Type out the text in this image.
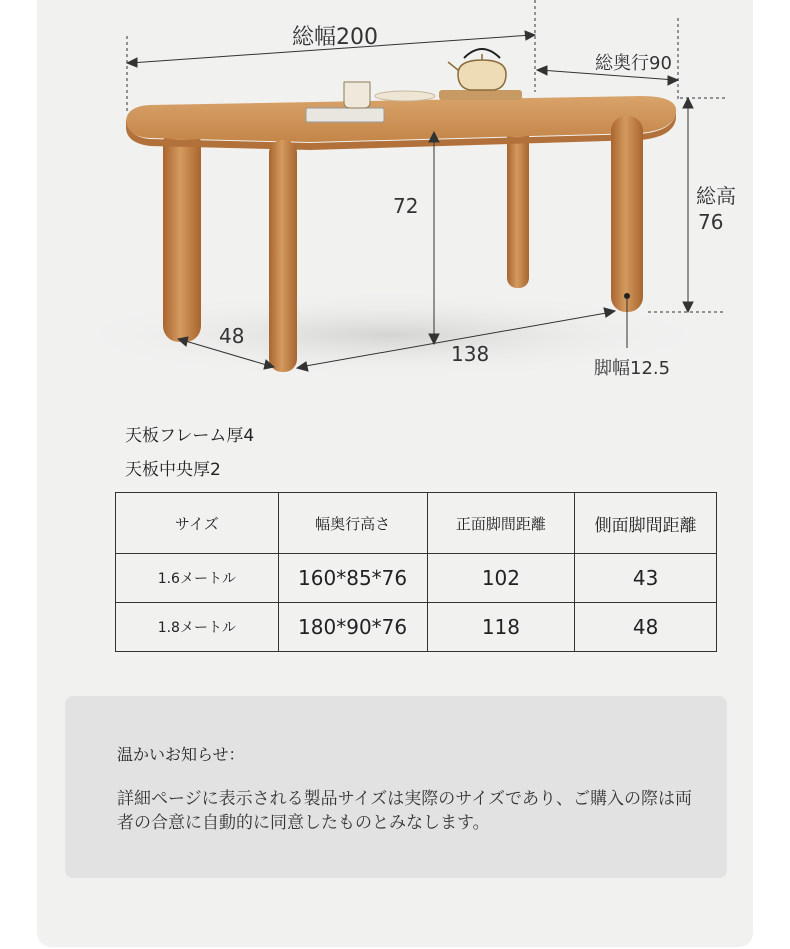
総幅200
総奥行90
総高
76
72
48
138
脚幅12.5
天板フレーム厚4
天板中央厚2
サイズ	幅奥行高さ	正面脚間距離	側面脚間距離
1.6メートル	160*85*76	102	43
1.8メートル	180*90*76	118	48
温かいお知らせ：
詳細ページに表示される製品サイズは実際のサイズであり、ご購入の際は両者の合意に自動的に同意したものとみなします。
